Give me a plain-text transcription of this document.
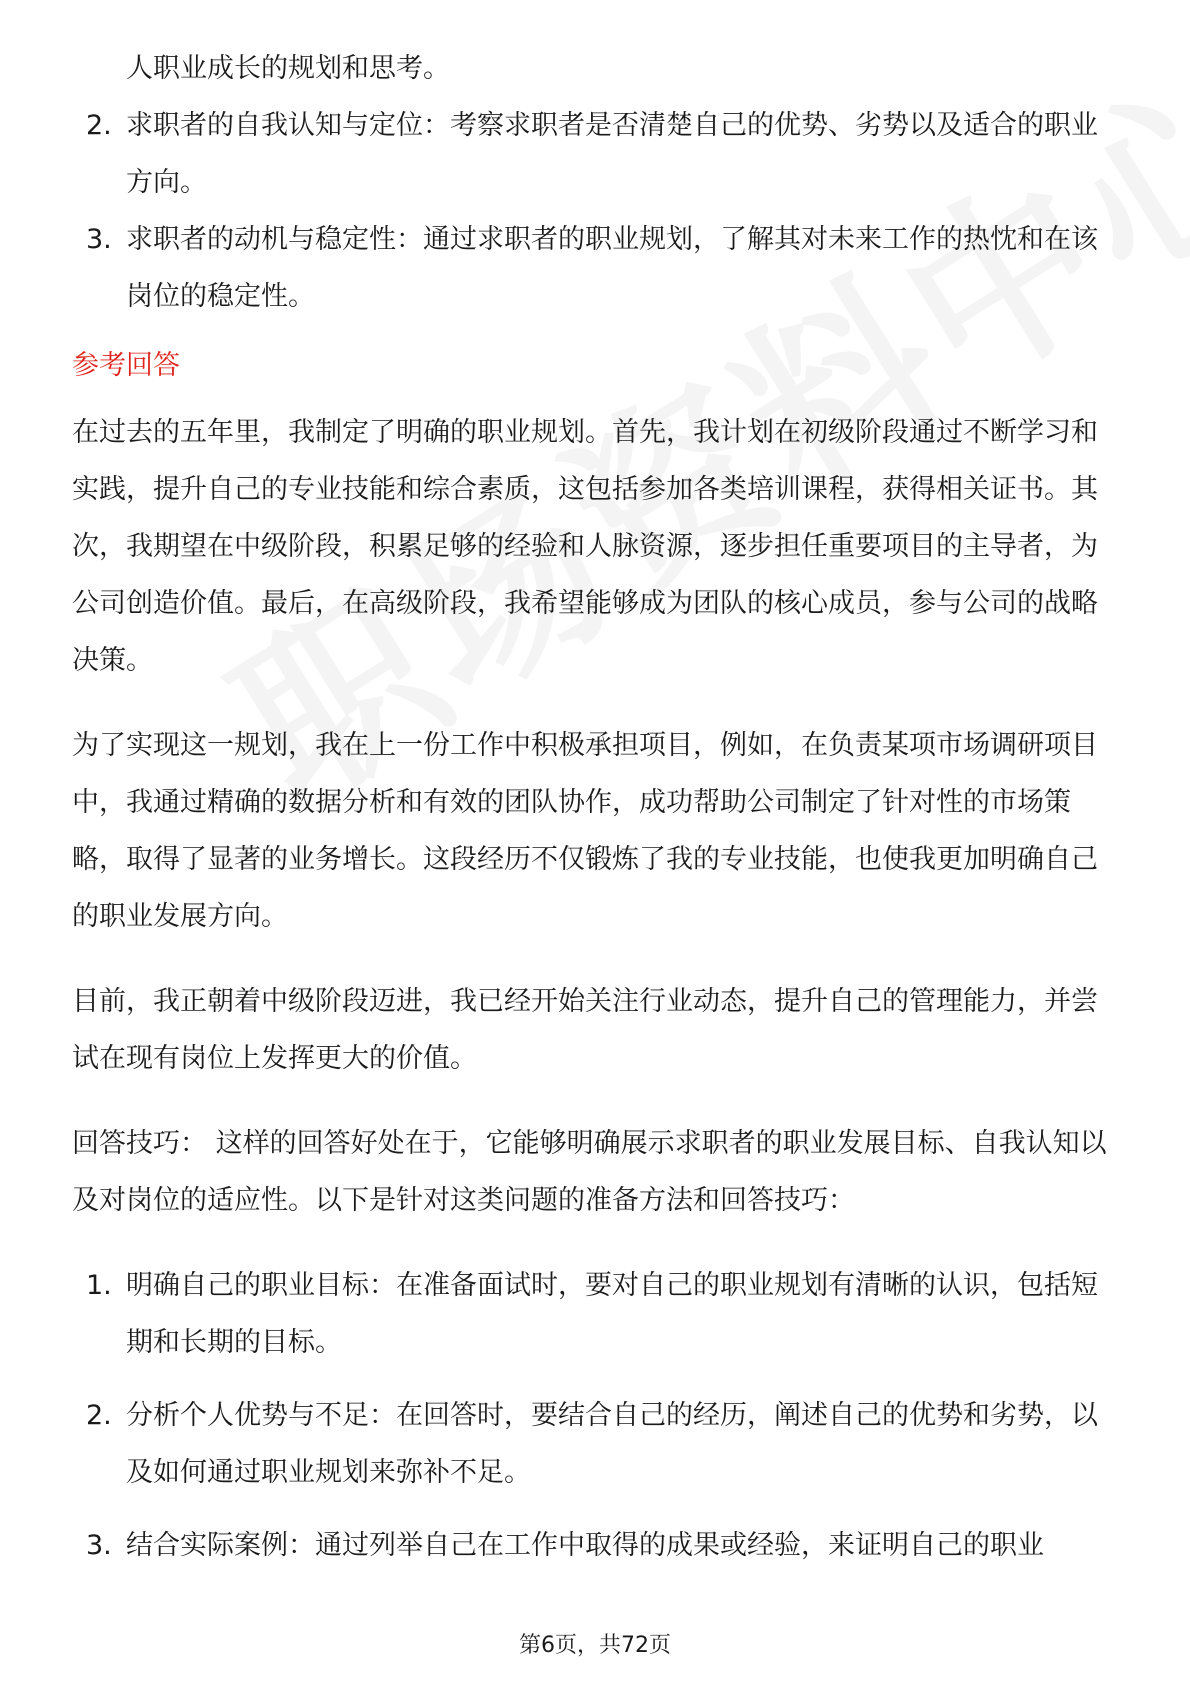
人职业成长的规划和思考。
2. 求职者的自我认知与定位：考察求职者是否清楚自己的优势、劣势以及适合的职业方向。
3. 求职者的动机与稳定性：通过求职者的职业规划，了解其对未来工作的热忱和在该岗位的稳定性。
参考回答

在过去的五年里，我制定了明确的职业规划。首先，我计划在初级阶段通过不断学习和实践，提升自己的专业技能和综合素质，这包括参加各类培训课程，获得相关证书。其次，我期望在中级阶段，积累足够的经验和人脉资源，逐步担任重要项目的主导者，为公司创造价值。最后，在高级阶段，我希望能够成为团队的核心成员，参与公司的战略决策。

为了实现这一规划，我在上一份工作中积极承担项目，例如，在负责某项市场调研项目中，我通过精确的数据分析和有效的团队协作，成功帮助公司制定了针对性的市场策略，取得了显著的业务增长。这段经历不仅锻炼了我的专业技能，也使我更加明确自己的职业发展方向。

目前，我正朝着中级阶段迈进，我已经开始关注行业动态，提升自己的管理能力，并尝试在现有岗位上发挥更大的价值。

回答技巧： 这样的回答好处在于，它能够明确展示求职者的职业发展目标、自我认知以及对岗位的适应性。以下是针对这类问题的准备方法和回答技巧：

1. 明确自己的职业目标：在准备面试时，要对自己的职业规划有清晰的认识，包括短期和长期的目标。
2. 分析个人优势与不足：在回答时，要结合自己的经历，阐述自己的优势和劣势，以及如何通过职业规划来弥补不足。
3. 结合实际案例：通过列举自己在工作中取得的成果或经验，来证明自己的职业
第6页，共72页
